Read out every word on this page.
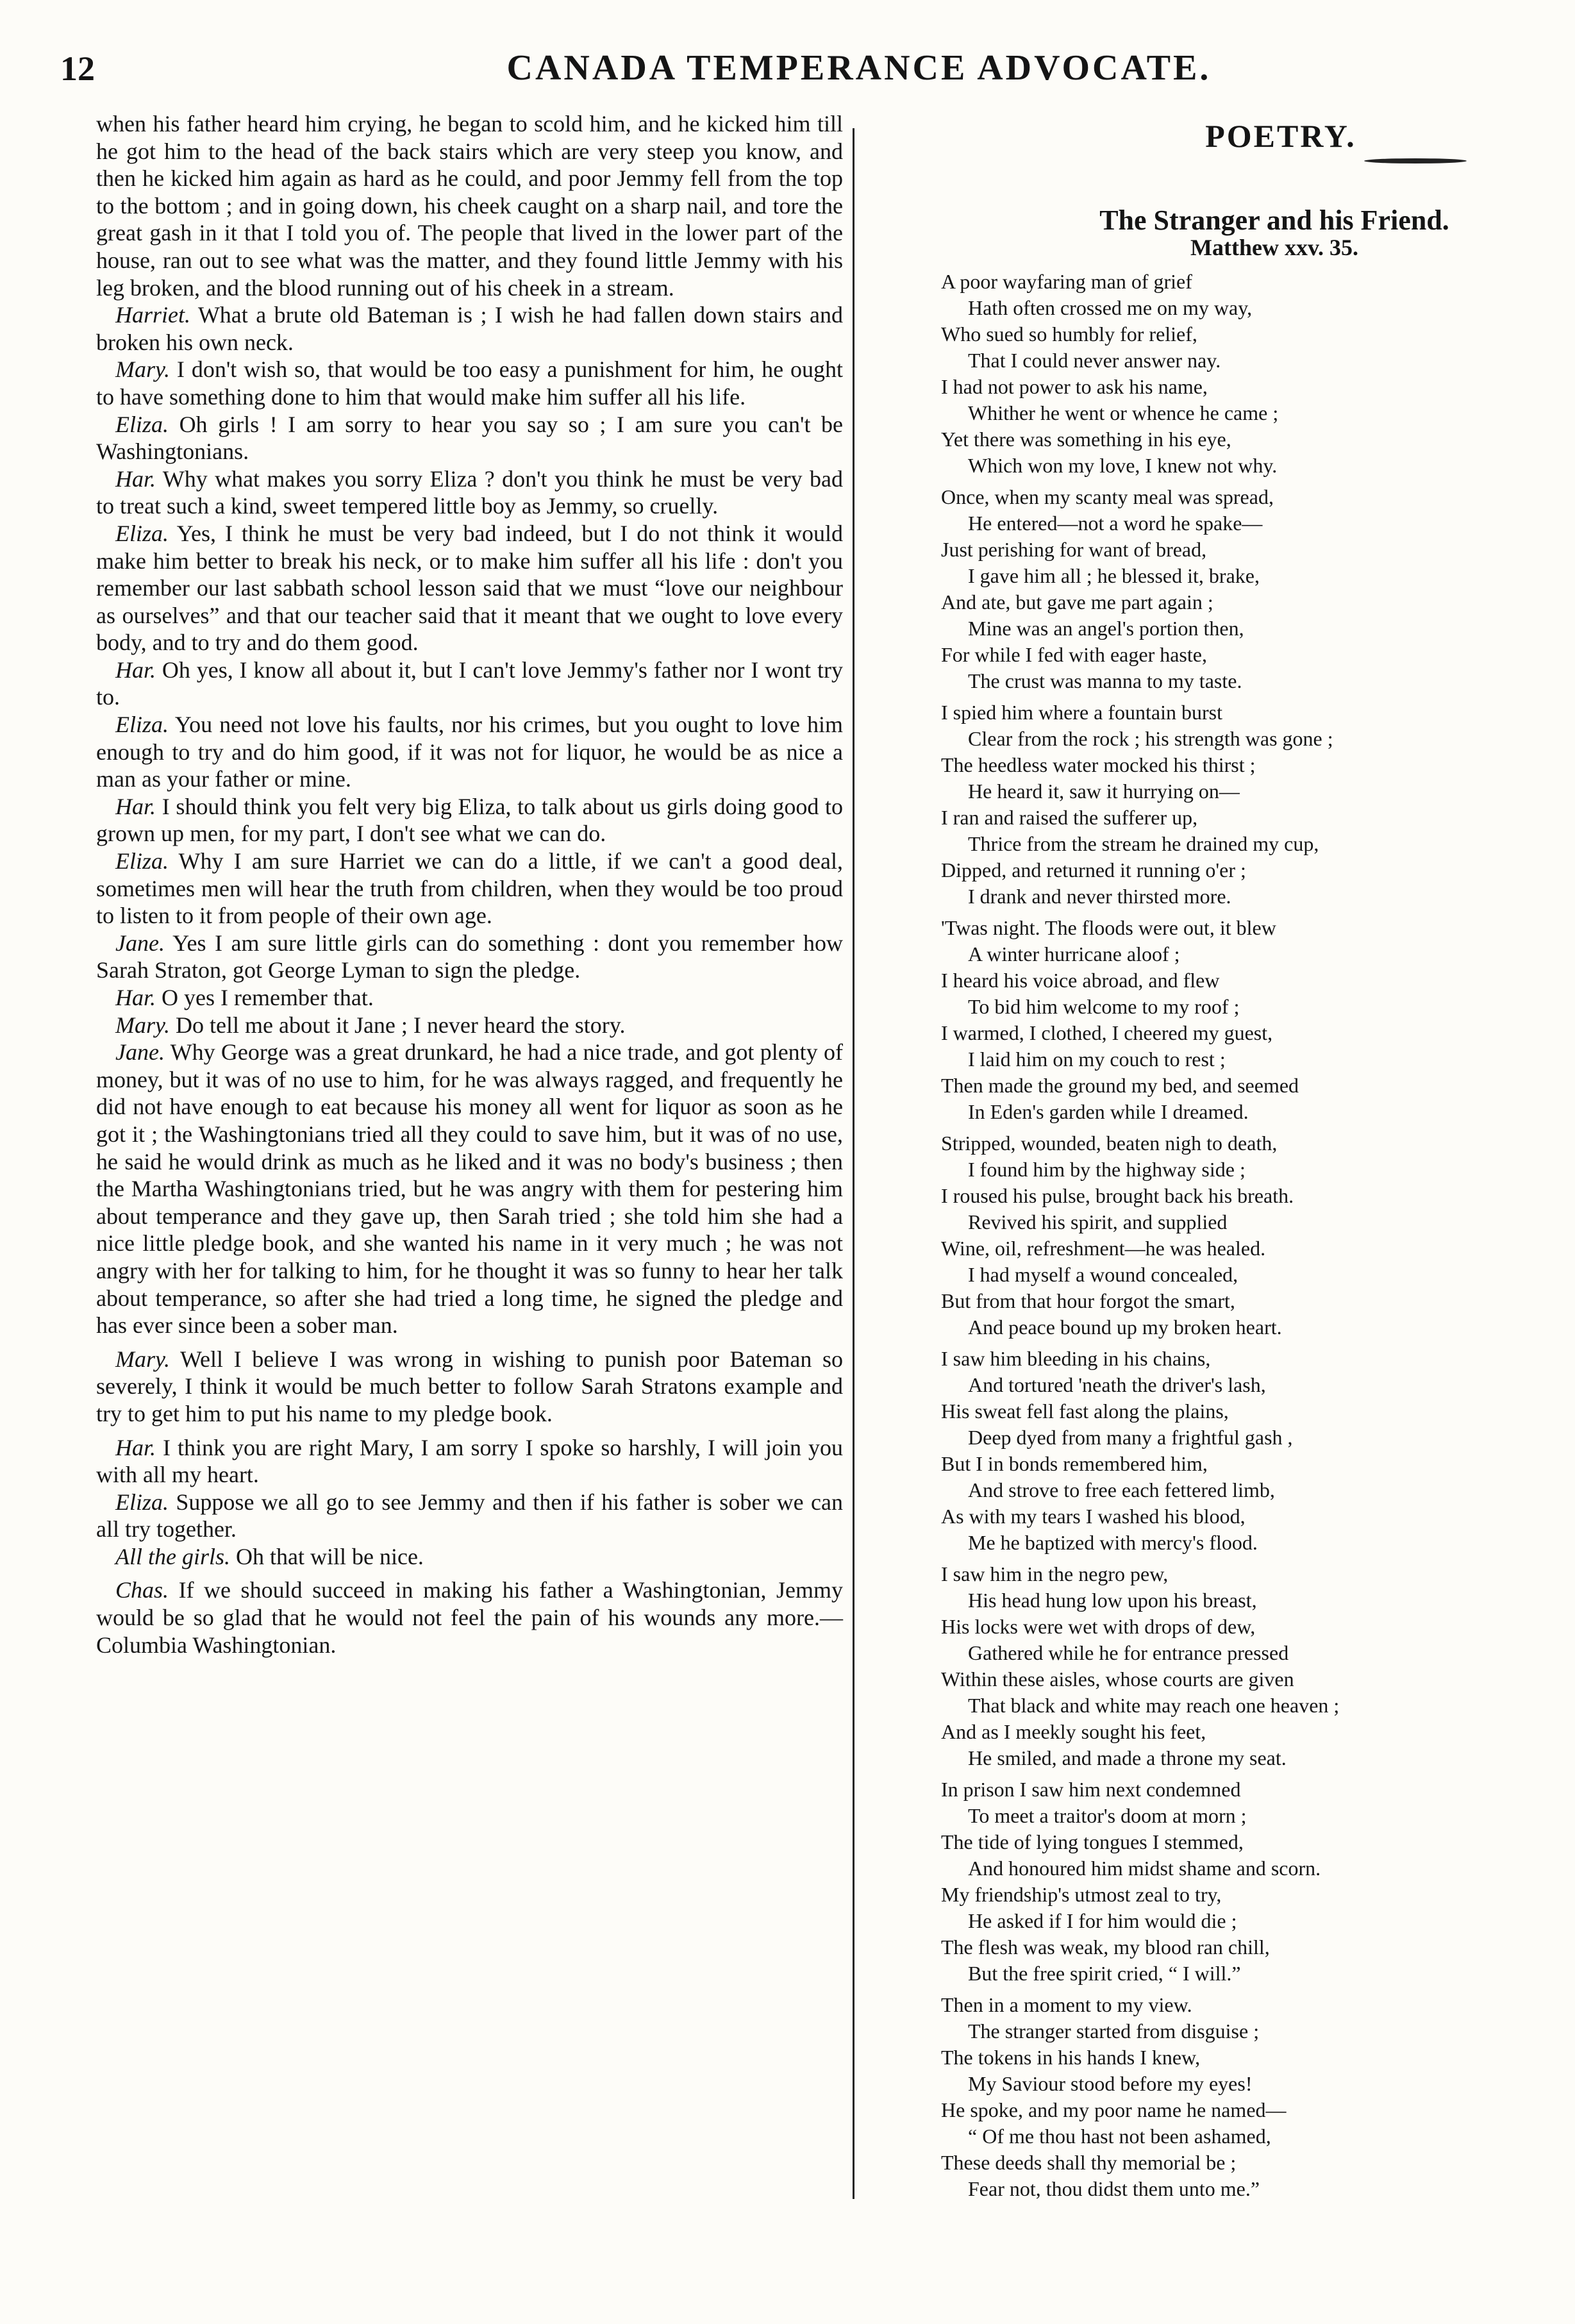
12	CANADA TEMPERANCE ADVOCATE.

when his father heard him crying, he began to scold him, and he kicked him till he got him to the head of the back stairs which are very steep you know, and then he kicked him again as hard as he could, and poor Jemmy fell from the top to the bottom ; and in going down, his cheek caught on a sharp nail, and tore the great gash in it that I told you of. The people that lived in the lower part of the house, ran out to see what was the matter, and they found little Jemmy with his leg broken, and the blood running out of his cheek in a stream.

Harriet. What a brute old Bateman is ; I wish he had fallen down stairs and broken his own neck.

Mary. I don't wish so, that would be too easy a punishment for him, he ought to have something done to him that would make him suffer all his life.

Eliza. Oh girls ! I am sorry to hear you say so ; I am sure you can't be Washingtonians.

Har. Why what makes you sorry Eliza ? don't you think he must be very bad to treat such a kind, sweet tempered little boy as Jemmy, so cruelly.

Eliza. Yes, I think he must be very bad indeed, but I do not think it would make him better to break his neck, or to make him suffer all his life : don't you remember our last sabbath school lesson said that we must “love our neighbour as ourselves” and that our teacher said that it meant that we ought to love every body, and to try and do them good.

Har. Oh yes, I know all about it, but I can't love Jemmy's father nor I wont try to.

Eliza. You need not love his faults, nor his crimes, but you ought to love him enough to try and do him good, if it was not for liquor, he would be as nice a man as your father or mine.

Har. I should think you felt very big Eliza, to talk about us girls doing good to grown up men, for my part, I don't see what we can do.

Eliza. Why I am sure Harriet we can do a little, if we can't a good deal, sometimes men will hear the truth from children, when they would be too proud to listen to it from people of their own age.

Jane. Yes I am sure little girls can do something : dont you remember how Sarah Straton, got George Lyman to sign the pledge.

Har. O yes I remember that.

Mary. Do tell me about it Jane ; I never heard the story.

Jane. Why George was a great drunkard, he had a nice trade, and got plenty of money, but it was of no use to him, for he was always ragged, and frequently he did not have enough to eat because his money all went for liquor as soon as he got it ; the Washingtonians tried all they could to save him, but it was of no use, he said he would drink as much as he liked and it was no body's business ; then the Martha Washingtonians tried, but he was angry with them for pestering him about temperance and they gave up, then Sarah tried ; she told him she had a nice little pledge book, and she wanted his name in it very much ; he was not angry with her for talking to him, for he thought it was so funny to hear her talk about temperance, so after she had tried a long time, he signed the pledge and has ever since been a sober man.

Mary. Well I believe I was wrong in wishing to punish poor Bateman so severely, I think it would be much better to follow Sarah Stratons example and try to get him to put his name to my pledge book.

Har. I think you are right Mary, I am sorry I spoke so harshly, I will join you with all my heart.

Eliza. Suppose we all go to see Jemmy and then if his father is sober we can all try together.

All the girls. Oh that will be nice.

Chas. If we should succeed in making his father a Washingtonian, Jemmy would be so glad that he would not feel the pain of his wounds any more.—Columbia Washingtonian.

POETRY.
The Stranger and his Friend.
Matthew xxv. 35.
A poor wayfaring man of grief
Hath often crossed me on my way,
Who sued so humbly for relief,
That I could never answer nay.
I had not power to ask his name,
Whither he went or whence he came ;
Yet there was something in his eye,
Which won my love, I knew not why.
Once, when my scanty meal was spread,
He entered—not a word he spake—
Just perishing for want of bread,
I gave him all ; he blessed it, brake,
And ate, but gave me part again ;
Mine was an angel's portion then,
For while I fed with eager haste,
The crust was manna to my taste.
I spied him where a fountain burst
Clear from the rock ; his strength was gone ;
The heedless water mocked his thirst ;
He heard it, saw it hurrying on—
I ran and raised the sufferer up,
Thrice from the stream he drained my cup,
Dipped, and returned it running o'er ;
I drank and never thirsted more.
'Twas night. The floods were out, it blew
A winter hurricane aloof ;
I heard his voice abroad, and flew
To bid him welcome to my roof ;
I warmed, I clothed, I cheered my guest,
I laid him on my couch to rest ;
Then made the ground my bed, and seemed
In Eden's garden while I dreamed.
Stripped, wounded, beaten nigh to death,
I found him by the highway side ;
I roused his pulse, brought back his breath.
Revived his spirit, and supplied
Wine, oil, refreshment—he was healed.
I had myself a wound concealed,
But from that hour forgot the smart,
And peace bound up my broken heart.
I saw him bleeding in his chains,
And tortured 'neath the driver's lash,
His sweat fell fast along the plains,
Deep dyed from many a frightful gash ,
But I in bonds remembered him,
And strove to free each fettered limb,
As with my tears I washed his blood,
Me he baptized with mercy's flood.
I saw him in the negro pew,
His head hung low upon his breast,
His locks were wet with drops of dew,
Gathered while he for entrance pressed
Within these aisles, whose courts are given
That black and white may reach one heaven ;
And as I meekly sought his feet,
He smiled, and made a throne my seat.
In prison I saw him next condemned
To meet a traitor's doom at morn ;
The tide of lying tongues I stemmed,
And honoured him midst shame and scorn.
My friendship's utmost zeal to try,
He asked if I for him would die ;
The flesh was weak, my blood ran chill,
But the free spirit cried, “ I will.”
Then in a moment to my view.
The stranger started from disguise ;
The tokens in his hands I knew,
My Saviour stood before my eyes!
He spoke, and my poor name he named—
“ Of me thou hast not been ashamed,
These deeds shall thy memorial be ;
Fear not, thou didst them unto me.”
